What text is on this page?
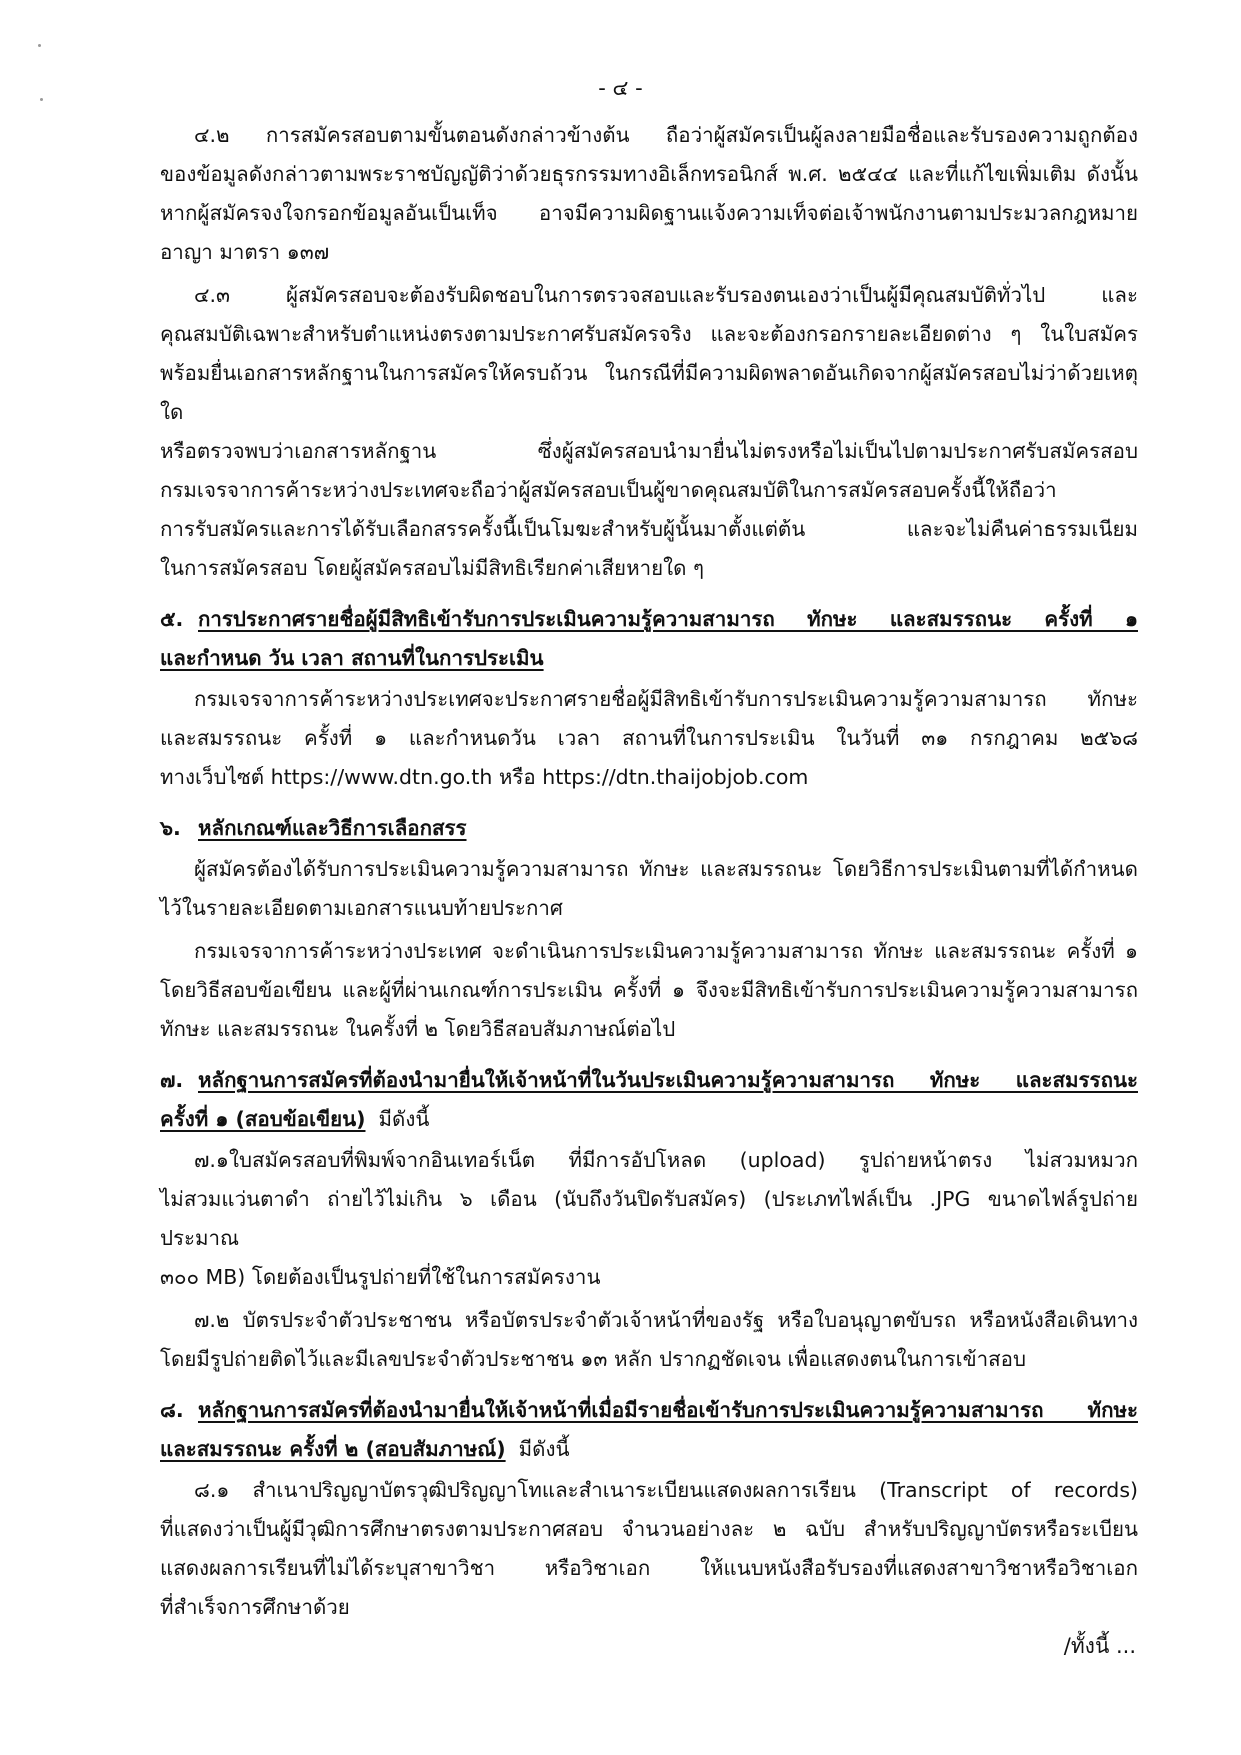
- ๔ -
๔.๒ การสมัครสอบตามขั้นตอนดังกล่าวข้างต้น ถือว่าผู้สมัครเป็นผู้ลงลายมือชื่อและรับรองความถูกต้อง
ของข้อมูลดังกล่าวตามพระราชบัญญัติว่าด้วยธุรกรรมทางอิเล็กทรอนิกส์ พ.ศ. ๒๕๔๔ และที่แก้ไขเพิ่มเติม ดังนั้น
หากผู้สมัครจงใจกรอกข้อมูลอันเป็นเท็จ อาจมีความผิดฐานแจ้งความเท็จต่อเจ้าพนักงานตามประมวลกฎหมาย
อาญา มาตรา ๑๓๗
๔.๓ ผู้สมัครสอบจะต้องรับผิดชอบในการตรวจสอบและรับรองตนเองว่าเป็นผู้มีคุณสมบัติทั่วไป และ
คุณสมบัติเฉพาะสำหรับตำแหน่งตรงตามประกาศรับสมัครจริง และจะต้องกรอกรายละเอียดต่าง ๆ ในใบสมัคร
พร้อมยื่นเอกสารหลักฐานในการสมัครให้ครบถ้วน ในกรณีที่มีความผิดพลาดอันเกิดจากผู้สมัครสอบไม่ว่าด้วยเหตุใด
หรือตรวจพบว่าเอกสารหลักฐาน ซึ่งผู้สมัครสอบนำมายื่นไม่ตรงหรือไม่เป็นไปตามประกาศรับสมัครสอบ
กรมเจรจาการค้าระหว่างประเทศจะถือว่าผู้สมัครสอบเป็นผู้ขาดคุณสมบัติในการสมัครสอบครั้งนี้ให้ถือว่า
การรับสมัครและการได้รับเลือกสรรครั้งนี้เป็นโมฆะสำหรับผู้นั้นมาตั้งแต่ต้น และจะไม่คืนค่าธรรมเนียม
ในการสมัครสอบ โดยผู้สมัครสอบไม่มีสิทธิเรียกค่าเสียหายใด ๆ
๕. การประกาศรายชื่อผู้มีสิทธิเข้ารับการประเมินความรู้ความสามารถ ทักษะ และสมรรถนะ ครั้งที่ ๑
และกำหนด วัน เวลา สถานที่ในการประเมิน
กรมเจรจาการค้าระหว่างประเทศจะประกาศรายชื่อผู้มีสิทธิเข้ารับการประเมินความรู้ความสามารถ ทักษะ
และสมรรถนะ ครั้งที่ ๑ และกำหนดวัน เวลา สถานที่ในการประเมิน ในวันที่ ๓๑ กรกฎาคม ๒๕๖๘
ทางเว็บไซต์ https://www.dtn.go.th หรือ https://dtn.thaijobjob.com
๖. หลักเกณฑ์และวิธีการเลือกสรร
ผู้สมัครต้องได้รับการประเมินความรู้ความสามารถ ทักษะ และสมรรถนะ โดยวิธีการประเมินตามที่ได้กำหนด
ไว้ในรายละเอียดตามเอกสารแนบท้ายประกาศ
กรมเจรจาการค้าระหว่างประเทศ จะดำเนินการประเมินความรู้ความสามารถ ทักษะ และสมรรถนะ ครั้งที่ ๑
โดยวิธีสอบข้อเขียน และผู้ที่ผ่านเกณฑ์การประเมิน ครั้งที่ ๑ จึงจะมีสิทธิเข้ารับการประเมินความรู้ความสามารถ
ทักษะ และสมรรถนะ ในครั้งที่ ๒ โดยวิธีสอบสัมภาษณ์ต่อไป
๗. หลักฐานการสมัครที่ต้องนำมายื่นให้เจ้าหน้าที่ในวันประเมินความรู้ความสามารถ ทักษะ และสมรรถนะ
ครั้งที่ ๑ (สอบข้อเขียน)  มีดังนี้
๗.๑ใบสมัครสอบที่พิมพ์จากอินเทอร์เน็ต ที่มีการอัปโหลด (upload) รูปถ่ายหน้าตรง ไม่สวมหมวก
ไม่สวมแว่นตาดำ ถ่ายไว้ไม่เกิน ๖ เดือน (นับถึงวันปิดรับสมัคร) (ประเภทไฟล์เป็น .JPG ขนาดไฟล์รูปถ่ายประมาณ
๓๐๐ MB) โดยต้องเป็นรูปถ่ายที่ใช้ในการสมัครงาน
๗.๒ บัตรประจำตัวประชาชน หรือบัตรประจำตัวเจ้าหน้าที่ของรัฐ หรือใบอนุญาตขับรถ หรือหนังสือเดินทาง
โดยมีรูปถ่ายติดไว้และมีเลขประจำตัวประชาชน ๑๓ หลัก ปรากฏชัดเจน เพื่อแสดงตนในการเข้าสอบ
๘. หลักฐานการสมัครที่ต้องนำมายื่นให้เจ้าหน้าที่เมื่อมีรายชื่อเข้ารับการประเมินความรู้ความสามารถ ทักษะ
และสมรรถนะ ครั้งที่ ๒ (สอบสัมภาษณ์)  มีดังนี้
๘.๑ สำเนาปริญญาบัตรวุฒิปริญญาโทและสำเนาระเบียนแสดงผลการเรียน (Transcript of records)
ที่แสดงว่าเป็นผู้มีวุฒิการศึกษาตรงตามประกาศสอบ จำนวนอย่างละ ๒ ฉบับ สำหรับปริญญาบัตรหรือระเบียน
แสดงผลการเรียนที่ไม่ได้ระบุสาขาวิชา หรือวิชาเอก ให้แนบหนังสือรับรองที่แสดงสาขาวิชาหรือวิชาเอก
ที่สำเร็จการศึกษาด้วย
/ทั้งนี้ ...
